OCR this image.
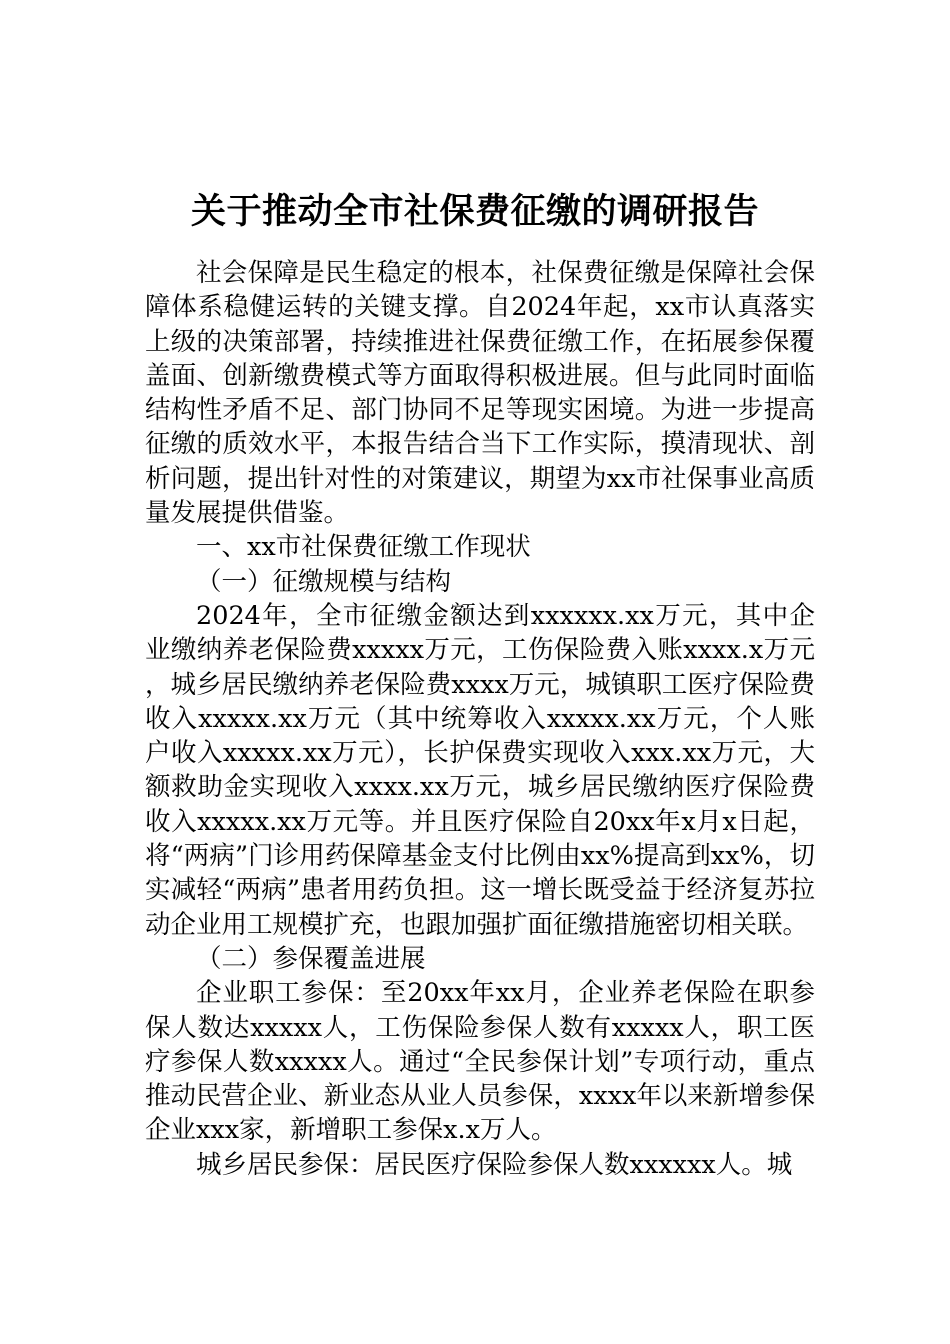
关于推动全市社保费征缴的调研报告

社会保障是民生稳定的根本，社保费征缴是保障社会保障体系稳健运转的关键支撑。自2024年起，xx市认真落实上级的决策部署，持续推进社保费征缴工作，在拓展参保覆盖面、创新缴费模式等方面取得积极进展。但与此同时面临结构性矛盾不足、部门协同不足等现实困境。为进一步提高征缴的质效水平，本报告结合当下工作实际，摸清现状、剖析问题，提出针对性的对策建议，期望为xx市社保事业高质量发展提供借鉴。

一、xx市社保费征缴工作现状

（一）征缴规模与结构

2024年，全市征缴金额达到xxxxxx.xx万元，其中企业缴纳养老保险费xxxxx万元，工伤保险费入账xxxx.x万元，城乡居民缴纳养老保险费xxxx万元，城镇职工医疗保险费收入xxxxx.xx万元（其中统筹收入xxxxx.xx万元，个人账户收入xxxxx.xx万元），长护保费实现收入xxx.xx万元，大额救助金实现收入xxxx.xx万元，城乡居民缴纳医疗保险费收入xxxxx.xx万元等。并且医疗保险自20xx年x月x日起，将“两病”门诊用药保障基金支付比例由xx%提高到xx%，切实减轻“两病”患者用药负担。这一增长既受益于经济复苏拉动企业用工规模扩充，也跟加强扩面征缴措施密切相关联。

（二）参保覆盖进展

企业职工参保：至20xx年xx月，企业养老保险在职参保人数达xxxxx人，工伤保险参保人数有xxxxx人，职工医疗参保人数xxxxx人。通过“全民参保计划”专项行动，重点推动民营企业、新业态从业人员参保，xxxx年以来新增参保企业xxx家，新增职工参保x.x万人。

城乡居民参保：居民医疗保险参保人数xxxxxx人。城
